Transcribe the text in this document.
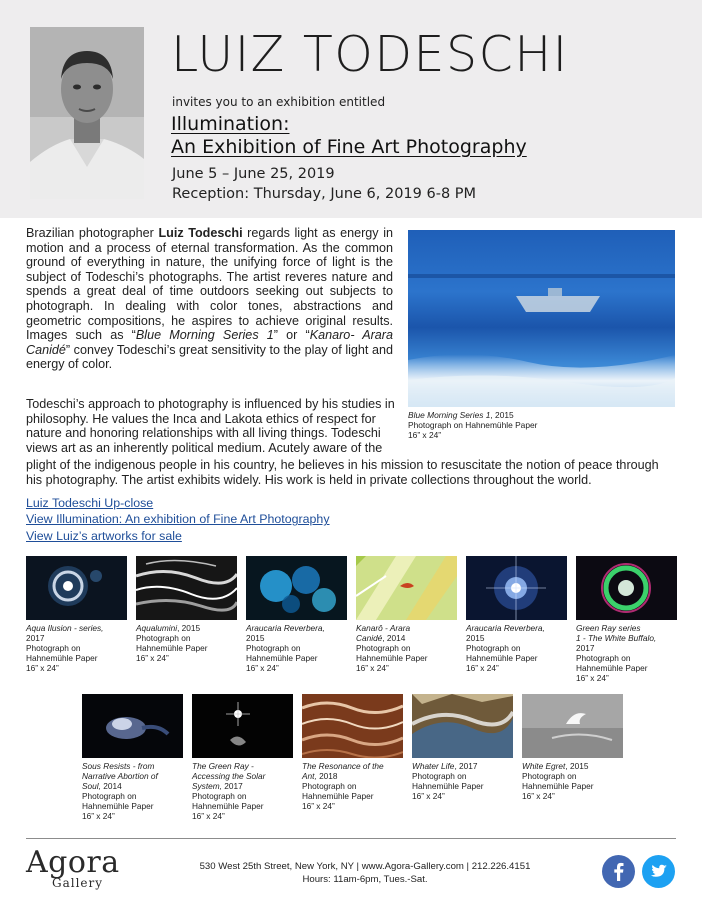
LUIZ TODESCHI
invites you to an exhibition entitled
Illumination:
An Exhibition of Fine Art Photography
June 5 – June 25, 2019
Reception: Thursday, June 6, 2019 6-8 PM
Brazilian photographer Luiz Todeschi regards light as energy in motion and a process of eternal transformation. As the common ground of everything in nature, the unifying force of light is the subject of Todeschi’s photographs. The artist reveres nature and spends a great deal of time outdoors seeking out subjects to photograph. In dealing with color tones, abstractions and geometric compositions, he aspires to achieve original results. Images such as “Blue Morning Series 1” or “Kanaro- Arara Canidé” convey Todeschi’s great sensitivity to the play of light and energy of color.
Blue Morning Series 1, 2015
Photograph on Hahnemühle Paper
16” x 24”
Todeschi’s approach to photography is influenced by his studies in philosophy. He values the Inca and Lakota ethics of respect for nature and honoring relationships with all living things. Todeschi views art as an inherently political medium. Acutely aware of the
plight of the indigenous people in his country, he believes in his mission to resuscitate the notion of peace through his photography. The artist exhibits widely. His work is held in private collections throughout the world.
Luiz Todeschi Up-close
View Illumination: An exhibition of Fine Art Photography
View Luiz’s artworks for sale
Aqua Ilusion - series,
2017
Photograph on
Hahnemühle Paper
16” x 24”
Aqualumini, 2015
Photograph on
Hahnemühle Paper
16” x 24”
Araucaria Reverbera,
2015
Photograph on
Hahnemühle Paper
16” x 24”
Kanarô - Arara
Canidé, 2014
Photograph on
Hahnemühle Paper
16” x 24”
Araucaria Reverbera,
2015
Photograph on
Hahnemühle Paper
16” x 24”
Green Ray series
1 - The White Buffalo,
2017
Photograph on
Hahnemühle Paper
16” x 24”
Sous Resists - from
Narrative Abortion of
Soul, 2014
Photograph on
Hahnemühle Paper
16” x 24”
The Green Ray -
Accessing the Solar
System, 2017
Photograph on
Hahnemühle Paper
16” x 24”
The Resonance of the
Ant, 2018
Photograph on
Hahnemühle Paper
16” x 24”
Whater Life, 2017
Photograph on
Hahnemühle Paper
16” x 24”
White Egret, 2015
Photograph on
Hahnemühle Paper
16” x 24”
Agora
Gallery
530 West 25th Street, New York, NY | www.Agora-Gallery.com | 212.226.4151
Hours: 11am-6pm, Tues.-Sat.
